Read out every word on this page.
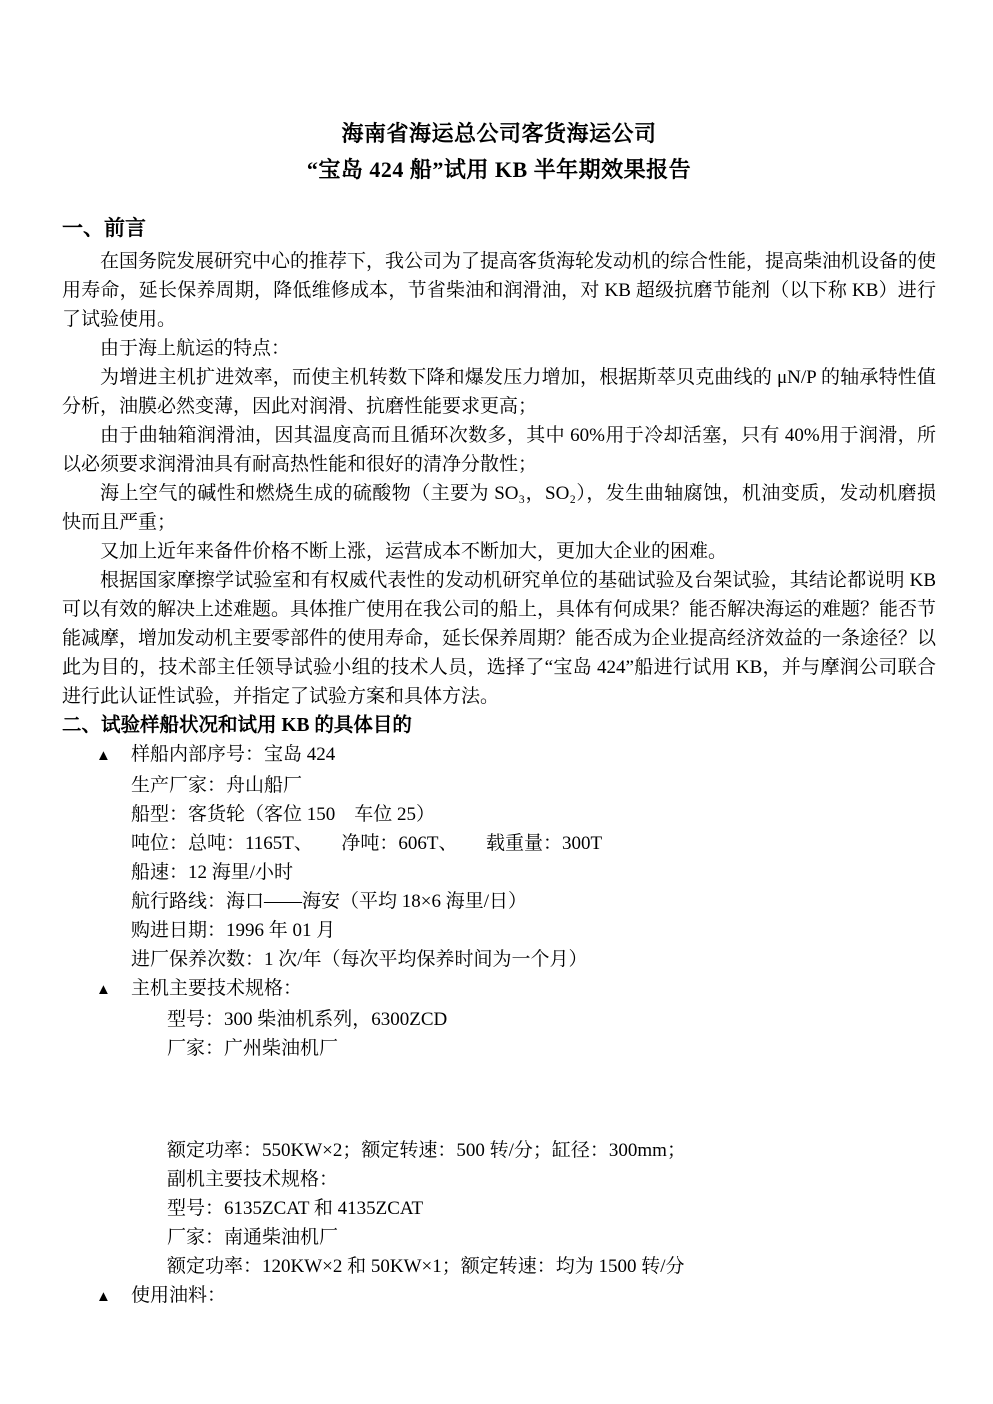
海南省海运总公司客货海运公司

“宝岛 424 船”试用 KB 半年期效果报告

一、前言

在国务院发展研究中心的推荐下，我公司为了提高客货海轮发动机的综合性能，提高柴油机设备的使用寿命，延长保养周期，降低维修成本，节省柴油和润滑油，对 KB 超级抗磨节能剂（以下称 KB）进行了试验使用。

由于海上航运的特点：

为增进主机扩进效率，而使主机转数下降和爆发压力增加，根据斯萃贝克曲线的 μN/P 的轴承特性值分析，油膜必然变薄，因此对润滑、抗磨性能要求更高；

由于曲轴箱润滑油，因其温度高而且循环次数多，其中 60%用于冷却活塞，只有 40%用于润滑，所以必须要求润滑油具有耐高热性能和很好的清净分散性；

海上空气的碱性和燃烧生成的硫酸物（主要为 SO₃，SO₂），发生曲轴腐蚀，机油变质，发动机磨损快而且严重；

又加上近年来备件价格不断上涨，运营成本不断加大，更加大企业的困难。

根据国家摩擦学试验室和有权威代表性的发动机研究单位的基础试验及台架试验，其结论都说明 KB 可以有效的解决上述难题。具体推广使用在我公司的船上，具体有何成果？能否解决海运的难题？能否节能减摩，增加发动机主要零部件的使用寿命，延长保养周期？能否成为企业提高经济效益的一条途径？以此为目的，技术部主任领导试验小组的技术人员，选择了“宝岛 424”船进行试用 KB，并与摩润公司联合进行此认证性试验，并指定了试验方案和具体方法。

二、试验样船状况和试用 KB 的具体目的

▲	样船内部序号：宝岛 424
生产厂家：舟山船厂
船型：客货轮（客位 150　车位 25）
吨位：总吨：1165T、　　净吨：606T、　　载重量：300T
船速：12 海里/小时
航行路线：海口——海安（平均 18×6 海里/日）
购进日期：1996 年 01 月
进厂保养次数：1 次/年（每次平均保养时间为一个月）
▲	主机主要技术规格：
型号：300 柴油机系列，6300ZCD
厂家：广州柴油机厂
额定功率：550KW×2；额定转速：500 转/分；缸径：300mm；
副机主要技术规格：
型号：6135ZCAT 和 4135ZCAT
厂家：南通柴油机厂
额定功率：120KW×2 和 50KW×1；额定转速：均为 1500 转/分
▲	使用油料：
